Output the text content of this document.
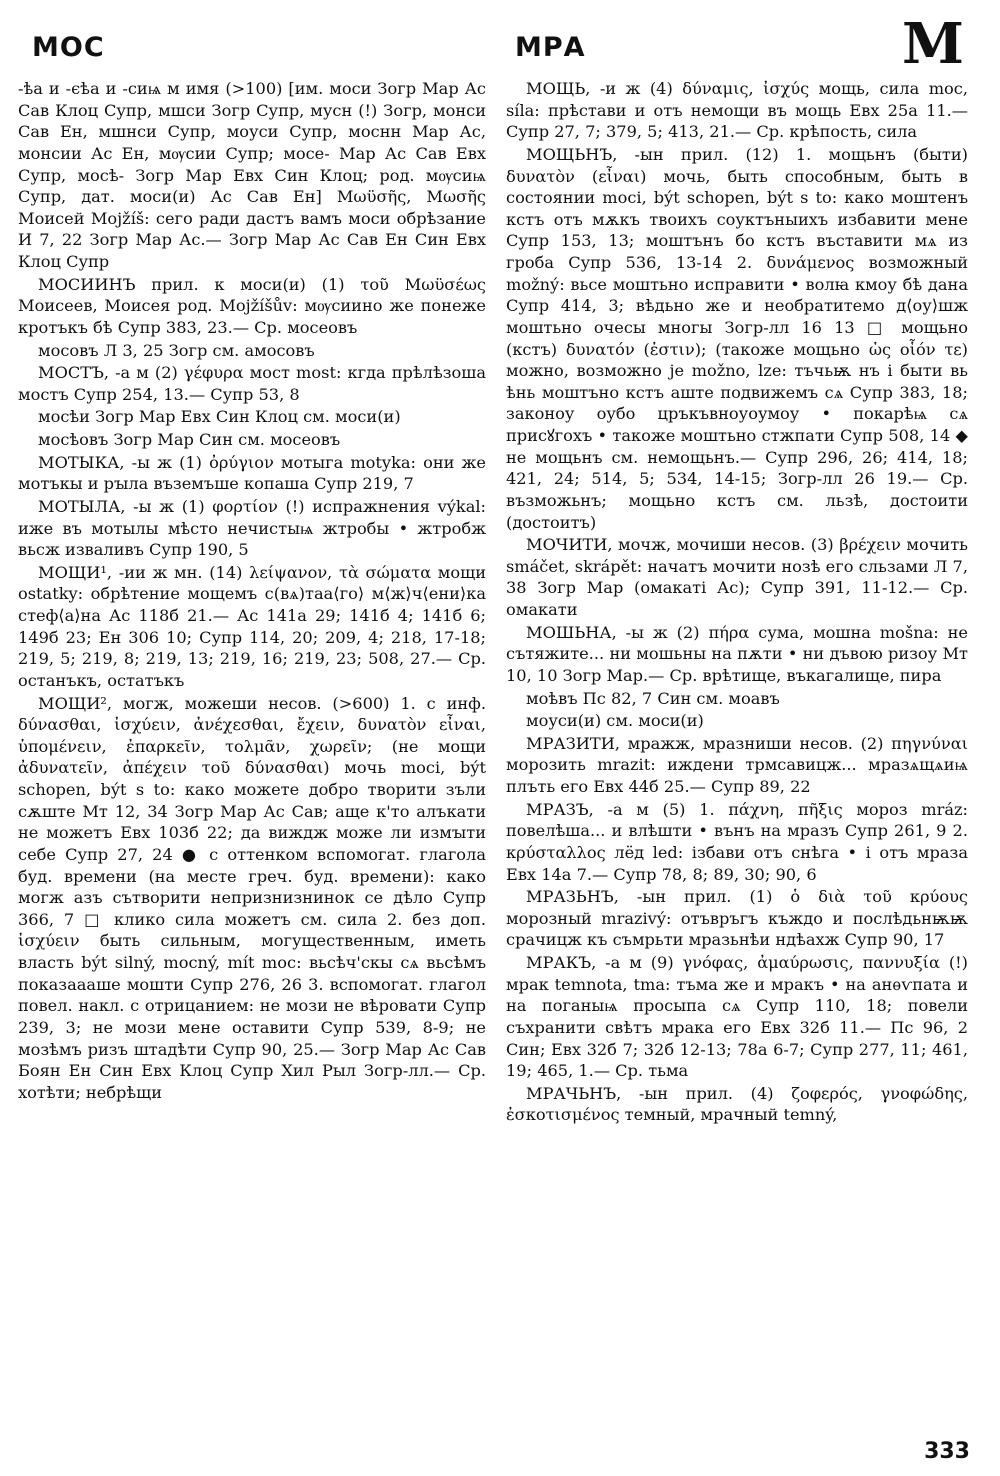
МОС	МРА	М

-ѣа и -єѣа и -сиѩ м имя (>100) [им. моси Зогр Мар Ас Сав Клоц Супр, мшси Зогр Супр, мусн (!) Зогр, монси Сав Ен, мшнси Супр, моуси Супр, моснн Мар Ас, монсии Ас Ен, мѹсии Супр; мосе- Мар Ас Сав Евх Супр, мосѣ- Зогр Мар Евх Син Клоц; род. мѹсиѩ Супр, дат. моси(и) Ас Сав Ен] Μωϋσῆς, Μωσῆς Моисей Mojžíš: сего ради дастъ вамъ моси обрѣзание И 7, 22 Зогр Мар Ас.— Зогр Мар Ас Сав Ен Син Евх Клоц Супр

МОСИИНЪ прил. к моси(и) (1) τοῦ Μωϋσέως Моисеев, Моисея род. Mojžíšův: мѹсиино же понеже кротъкъ бѣ Супр 383, 23.— Ср. мосеовъ

мосовъ Л 3, 25 Зогр см. амосовъ

МОСТЪ, -а м (2) γέφυρα мост most: кгда прѣлѣзоша мостъ Супр 254, 13.— Супр 53, 8

мосѣи Зогр Мар Евх Син Клоц см. моси(и)

мосѣовъ Зогр Мар Син см. мосеовъ

МОТЫКА, -ы ж (1) ὀρύγιον мотыга motyka: они же мотъкы и рꙑла въземъше копаша Супр 219, 7

МОТЫЛА, -ы ж (1) φορτίον (!) испражнения výkal: иже въ мотылы мѣсто нечистыѩ жтробы • жтробж вьсж изваливъ Супр 190, 5

МОЩИ¹, -ии ж мн. (14) λείψανον, τὰ σώματα мощи ostatky: обрѣтение мощемъ с(вѧ)таа⟨го⟩ м⟨ж⟩ч⟨ени⟩ка стеф⟨а⟩на Ас 118б 21.— Ас 141а 29; 141б 4; 141б 6; 149б 23; Ен 306 10; Супр 114, 20; 209, 4; 218, 17-18; 219, 5; 219, 8; 219, 13; 219, 16; 219, 23; 508, 27.— Ср. останъкъ, остатъкъ

МОЩИ², могж, можеши несов. (>600) 1. с инф. δύνασθαι, ἰσχύειν, ἀνέχεσθαι, ἔχειν, δυνατὸν εἶναι, ὑπομένειν, ἐπαρκεῖν, τολμᾶν, χωρεῖν; (не мощи ἀδυνατεῖν, ἀπέχειν τοῦ δύνασθαι) мочь moci, být schopen, být s to: како можете добро творити зъли сѫште Мт 12, 34 Зогр Мар Ас Сав; аще к'то алъкати не можетъ Евх 103б 22; да виждж може ли измꙑти себе Супр 27, 24 ● с оттенком вспомогат. глагола буд. времени (на месте греч. буд. времени): како могж азъ сътворити непризнизнинок се дѣло Супр 366, 7 □ клико сила можетъ см. сила 2. без доп. ἰσχύειν быть сильным, могущественным, иметь власть být silný, mocný, mít moc: вьсѣч'скы сѧ вьсѣмъ показаааше мошти Супр 276, 26 3. вспомогат. глагол повел. накл. с отрицанием: не мози не вѣровати Супр 239, 3; не мози мене оставити Супр 539, 8-9; не мозѣмъ ризъ штадѣти Супр 90, 25.— Зогр Мар Ас Сав Боян Ен Син Евх Клоц Супр Хил Рыл Зогр-лл.— Ср. хотѣти; небрѣщи

МОЩЬ, -и ж (4) δύναμις, ἰσχύς мощь, сила moc, síla: прѣстави и отъ немощи въ мощь Евх 25а 11.— Супр 27, 7; 379, 5; 413, 21.— Ср. крѣпость, сила

МОЩЬНЪ, -ын прил. (12) 1. мощьнъ (быти) δυνατὸν (εἶναι) мочь, быть способным, быть в состоянии moci, být schopen, být s to: како моштенъ кстъ отъ мѫкъ твоихъ соуктъныихъ избавити мене Супр 153, 13; моштънъ бо кстъ въставити мѧ из гроба Супр 536, 13-14 2. δυνάμενος возможный možný: вьсе моштьно исправити • волꙗ кмоу бѣ дана Супр 414, 3; вѣдьно же и необратитемо д⟨оу⟩шж моштьно очесы многы Зогр-лл 16 13 □ мощьно (кстъ) δυνατόν (ἐστιν); (такоже мощьно ὡς οἷόν τε) можно, возможно je možno, lze: тъчьѭ нъ і быти вь ѣнь моштъно кстъ аште подвижемъ сѧ Супр 383, 18; законоу оубо цръкъвноуоумоу • покарѣѩ сѧ присꙋгохъ • такоже моштьно стжпати Супр 508, 14 ◆ не мощьнъ см. немощьнъ.— Супр 296, 26; 414, 18; 421, 24; 514, 5; 534, 14-15; Зогр-лл 26 19.— Ср. възможьнъ; мощьно кстъ см. льзѣ, достоити (достоитъ)

МОЧИТИ, мочж, мочиши несов. (3) βρέχειν мочить smáčet, skrápět: начатъ мочити нозѣ его сльзами Л 7, 38 Зогр Мар (омакаті Ас); Супр 391, 11-12.— Ср. омакати

МОШЬНА, -ы ж (2) πήρα сума, мошна mošna: не сътяжите... ни мошьны на пѫти • ни дъвою ризоу Мт 10, 10 Зогр Мар.— Ср. врѣтище, въкагалище, пира

моѣвъ Пс 82, 7 Син см. моавъ

моуси(и) см. моси(и)

МРАЗИТИ, мражж, мразниши несов. (2) πηγνύναι морозить mrazit: иждени трмсавицж... мразѧщѧиѩ плъть его Евх 44б 25.— Супр 89, 22

МРАЗЪ, -а м (5) 1. πάχνη, πῆξις мороз mráz: повелѣша... и влѣшти • вънъ на мразъ Супр 261, 9 2. κρύσταλλος лёд led: ізбави отъ снѣга • і отъ мраза Евх 14а 7.— Супр 78, 8; 89, 30; 90, 6

МРАЗЬНЪ, -ын прил. (1) ὁ διὰ τοῦ κρύους морозный mrazivý: отъвръгъ къждо и послѣдьнѭѭ срачицж къ съмрьти мразьнѣи ндѣахж Супр 90, 17

МРАКЪ, -а м (9) γνόφας, ἀμαύρωσις, παννυξία (!) мрак temnota, tma: тъма же и мракъ • на анѳѵпата и на поганыѩ просыпа сѧ Супр 110, 18; повели съхранити свѣтъ мрака его Евх 32б 11.— Пс 96, 2 Син; Евх 32б 7; 32б 12-13; 78а 6-7; Супр 277, 11; 461, 19; 465, 1.— Ср. тьма

МРАЧЬНЪ, -ын прил. (4) ζοφερός, γνοφώδης, ἐσκοτισμένος темный, мрачный temný,

333
